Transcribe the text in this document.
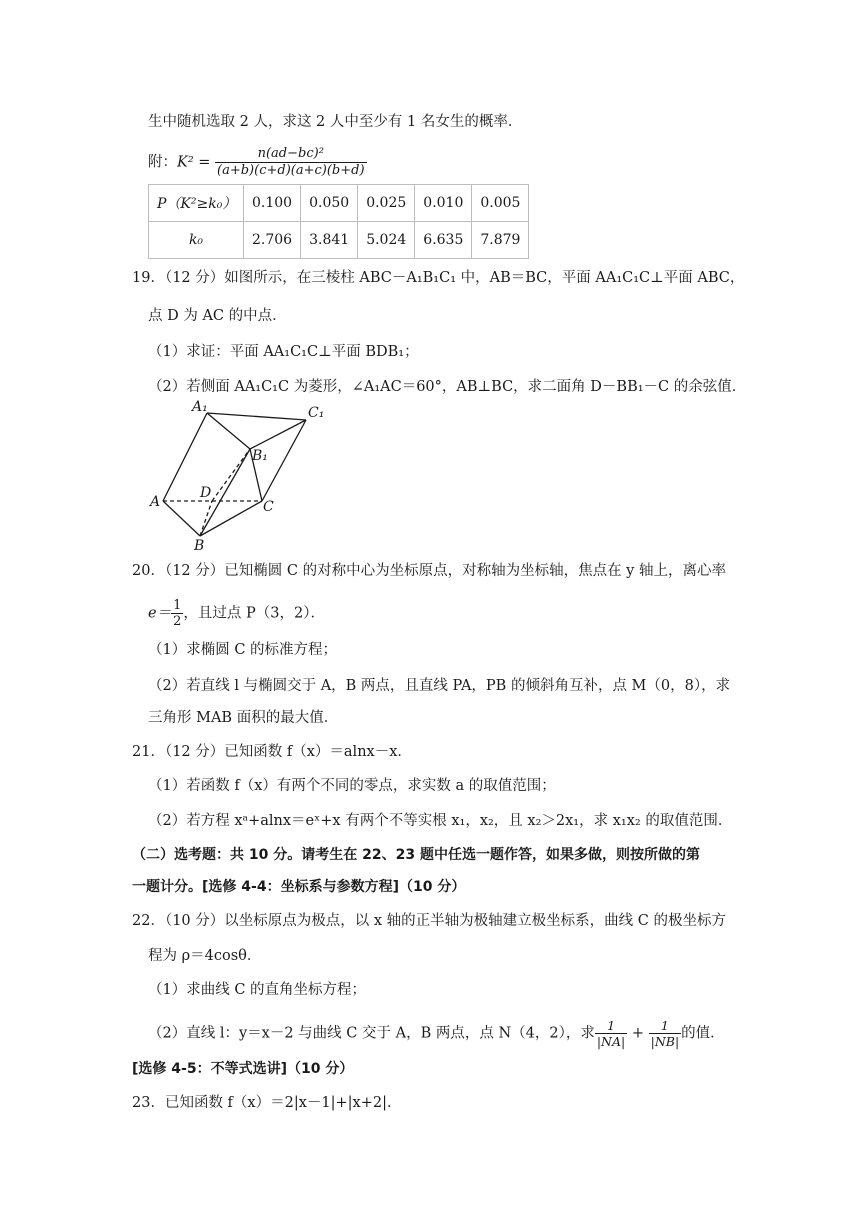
生中随机选取 2 人，求这 2 人中至少有 1 名女生的概率．
附：$K^2 = \frac{\text{n(ad−bc)²}}{(a+b)(c+d)(a+c)(b+d)}$
P（K²≥k₀）	0.100	0.050	0.025	0.010	0.005
k₀	2.706	3.841	5.024	6.635	7.879
19．（12 分）如图所示，在三棱柱 ABC－A₁B₁C₁ 中，AB＝BC，平面 AA₁C₁C⊥平面 ABC，
点 D 为 AC 的中点．
（1）求证：平面 AA₁C₁C⊥平面 BDB₁；
（2）若侧面 AA₁C₁C 为菱形，∠A₁AC＝60°，AB⊥BC，求二面角 D－BB₁－C 的余弦值．
A₁	C₁
B₁
A
D
C
B
20．（12 分）已知椭圆 C 的对称中心为坐标原点，对称轴为坐标轴，焦点在 y 轴上，离心率
$e= \frac{1}{2}$ ，且过点 P（3，2）．
（1）求椭圆 C 的标准方程；
（2）若直线 l 与椭圆交于 A，B 两点，且直线 PA，PB 的倾斜角互补，点 M（0，8），求
三角形 MAB 面积的最大值．
21．（12 分）已知函数 f（x）＝alnx－x．
（1）若函数 f（x）有两个不同的零点，求实数 a 的取值范围；
（2）若方程 xᵃ+alnx＝eˣ+x 有两个不等实根 x₁，x₂，且 x₂＞2x₁，求 x₁x₂ 的取值范围．
（二）选考题：共 10 分。请考生在 22、23 题中任选一题作答，如果多做，则按所做的第
一题计分。[选修 4-4：坐标系与参数方程]（10 分）
22．（10 分）以坐标原点为极点，以 x 轴的正半轴为极轴建立极坐标系，曲线 C 的极坐标方
程为 ρ＝4cosθ．
（1）求曲线 C 的直角坐标方程；
（2）直线 l：y＝x－2 与曲线 C 交于 A，B 两点，点 N（4，2），求 $\frac{1}{|NA|} + \frac{1}{|NB|}$ 的值．
[选修 4-5：不等式选讲]（10 分）
23．已知函数 f（x）＝2|x－1|+|x+2|．
